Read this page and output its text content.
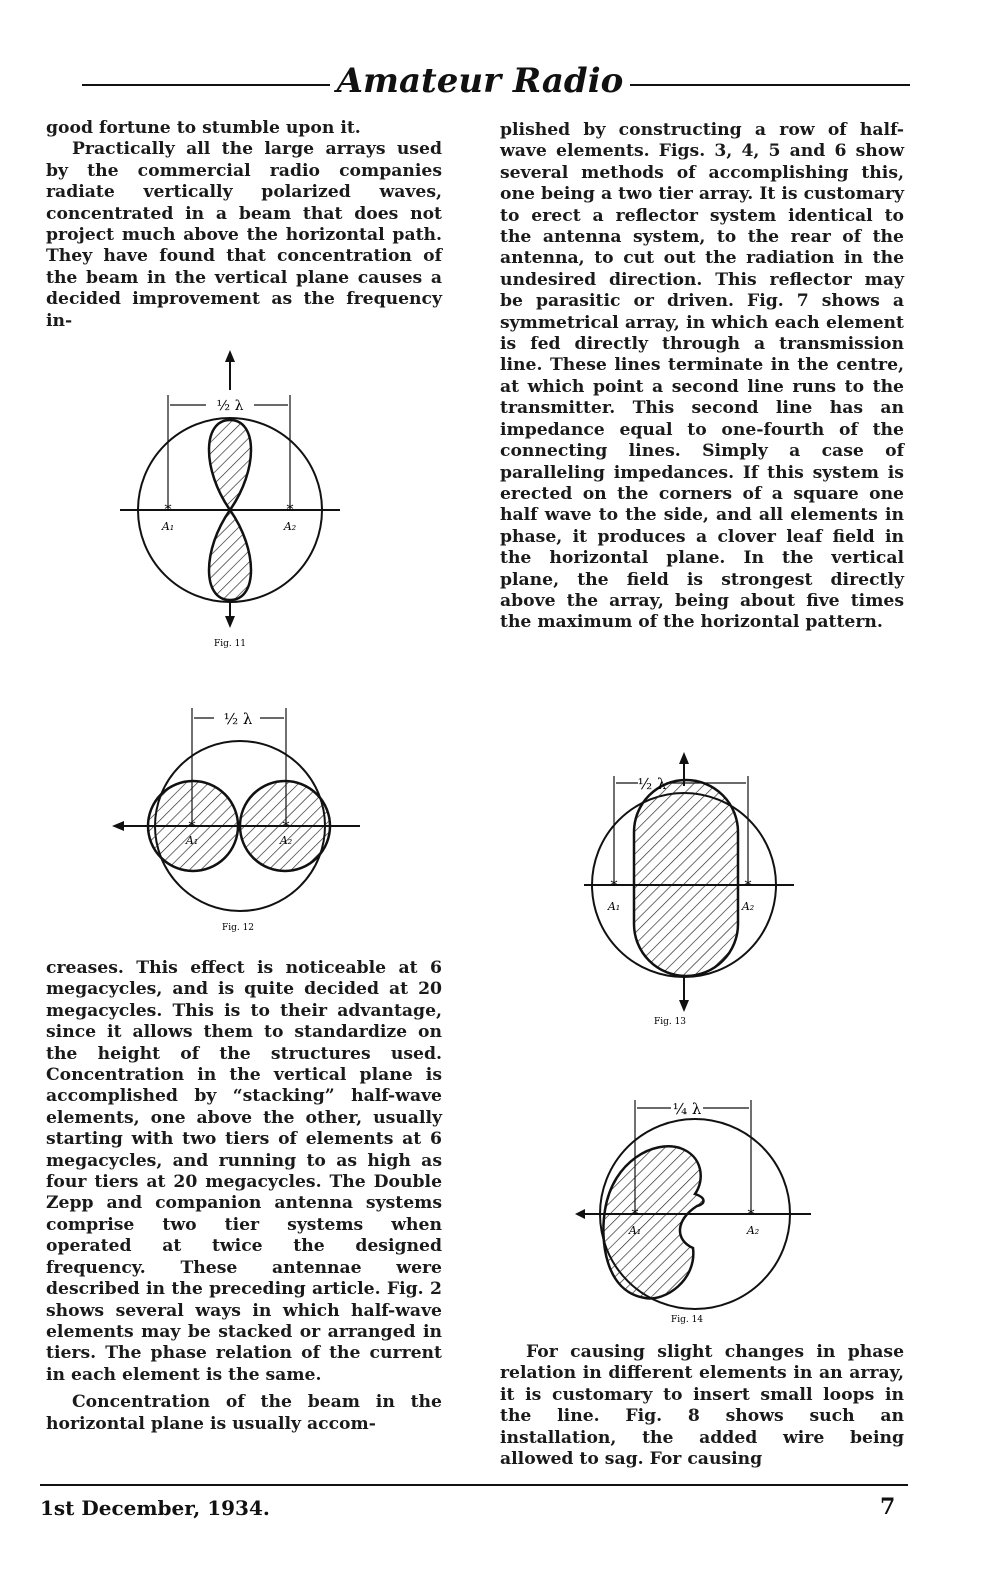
Amateur Radio

good fortune to stumble upon it.

Practically all the large arrays used by the commercial radio companies radiate vertically polarized waves, concentrated in a beam that does not project much above the horizontal path. They have found that concentration of the beam in the vertical plane causes a decided improvement as the frequency in-

½ λ
*	*
A₁	A₂
Fig. 11
½ λ
*	*
A₁	A₂
Fig. 12

creases. This effect is noticeable at 6 megacycles, and is quite decided at 20 megacycles. This is to their advantage, since it allows them to standardize on the height of the structures used. Concentration in the vertical plane is accomplished by “stacking” half-wave elements, one above the other, usually starting with two tiers of elements at 6 megacycles, and running to as high as four tiers at 20 megacycles. The Double Zepp and companion antenna systems comprise two tier systems when operated at twice the designed frequency. These antennae were described in the preceding article. Fig. 2 shows several ways in which half-wave elements may be stacked or arranged in tiers. The phase relation of the current in each element is the same.

Concentration of the beam in the horizontal plane is usually accom-

plished by constructing a row of half-wave elements. Figs. 3, 4, 5 and 6 show several methods of accomplishing this, one being a two tier array. It is customary to erect a reflector system identical to the antenna system, to the rear of the antenna, to cut out the radiation in the undesired direction. This reflector may be parasitic or driven. Fig. 7 shows a symmetrical array, in which each element is fed directly through a transmission line. These lines terminate in the centre, at which point a second line runs to the transmitter. This second line has an impedance equal to one-fourth of the connecting lines. Simply a case of paralleling impedances. If this system is erected on the corners of a square one half wave to the side, and all elements in phase, it produces a clover leaf field in the horizontal plane. In the vertical plane, the field is strongest directly above the array, being about five times the maximum of the horizontal pattern.

½ λ
*	*
A₁	A₂
Fig. 13
¼ λ
*	*
A₁	A₂
Fig. 14

For causing slight changes in phase relation in different elements in an array, it is customary to insert small loops in the line. Fig. 8 shows such an installation, the added wire being allowed to sag. For causing

1st December, 1934.	7
